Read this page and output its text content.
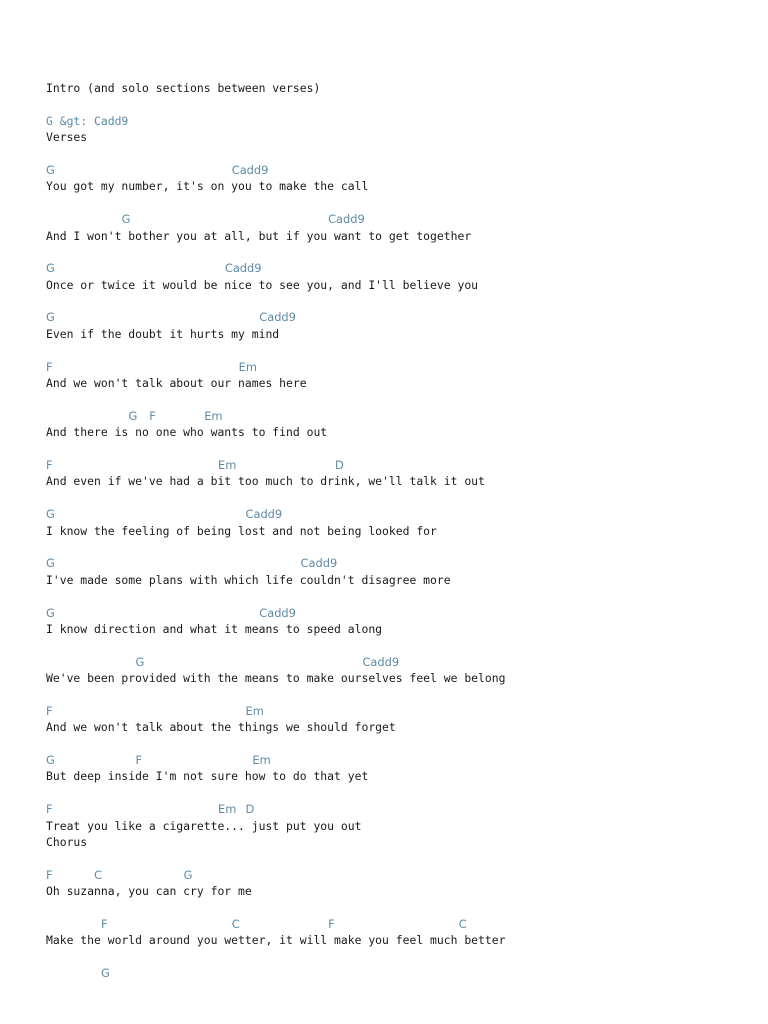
Intro (and solo sections between verses)
G &gt: Cadd9
Verses
G	Cadd9
You got my number, it's on you to make the call
G	Cadd9
And I won't bother you at all, but if you want to get together
G	Cadd9
Once or twice it would be nice to see you, and I'll believe you
G	Cadd9
Even if the doubt it hurts my mind
F	Em
And we won't talk about our names here
G F	Em
And there is no one who wants to find out
F	Em	D
And even if we've had a bit too much to drink, we'll talk it out
G	Cadd9
I know the feeling of being lost and not being looked for
G	Cadd9
I've made some plans with which life couldn't disagree more
G	Cadd9
I know direction and what it means to speed along
G	Cadd9
We've been provided with the means to make ourselves feel we belong
F	Em
And we won't talk about the things we should forget
G	F	Em
But deep inside I'm not sure how to do that yet
F	Em D
Treat you like a cigarette... just put you out
Chorus
F	C	G
Oh suzanna, you can cry for me
F	C	F	C
Make the world around you wetter, it will make you feel much better
G
